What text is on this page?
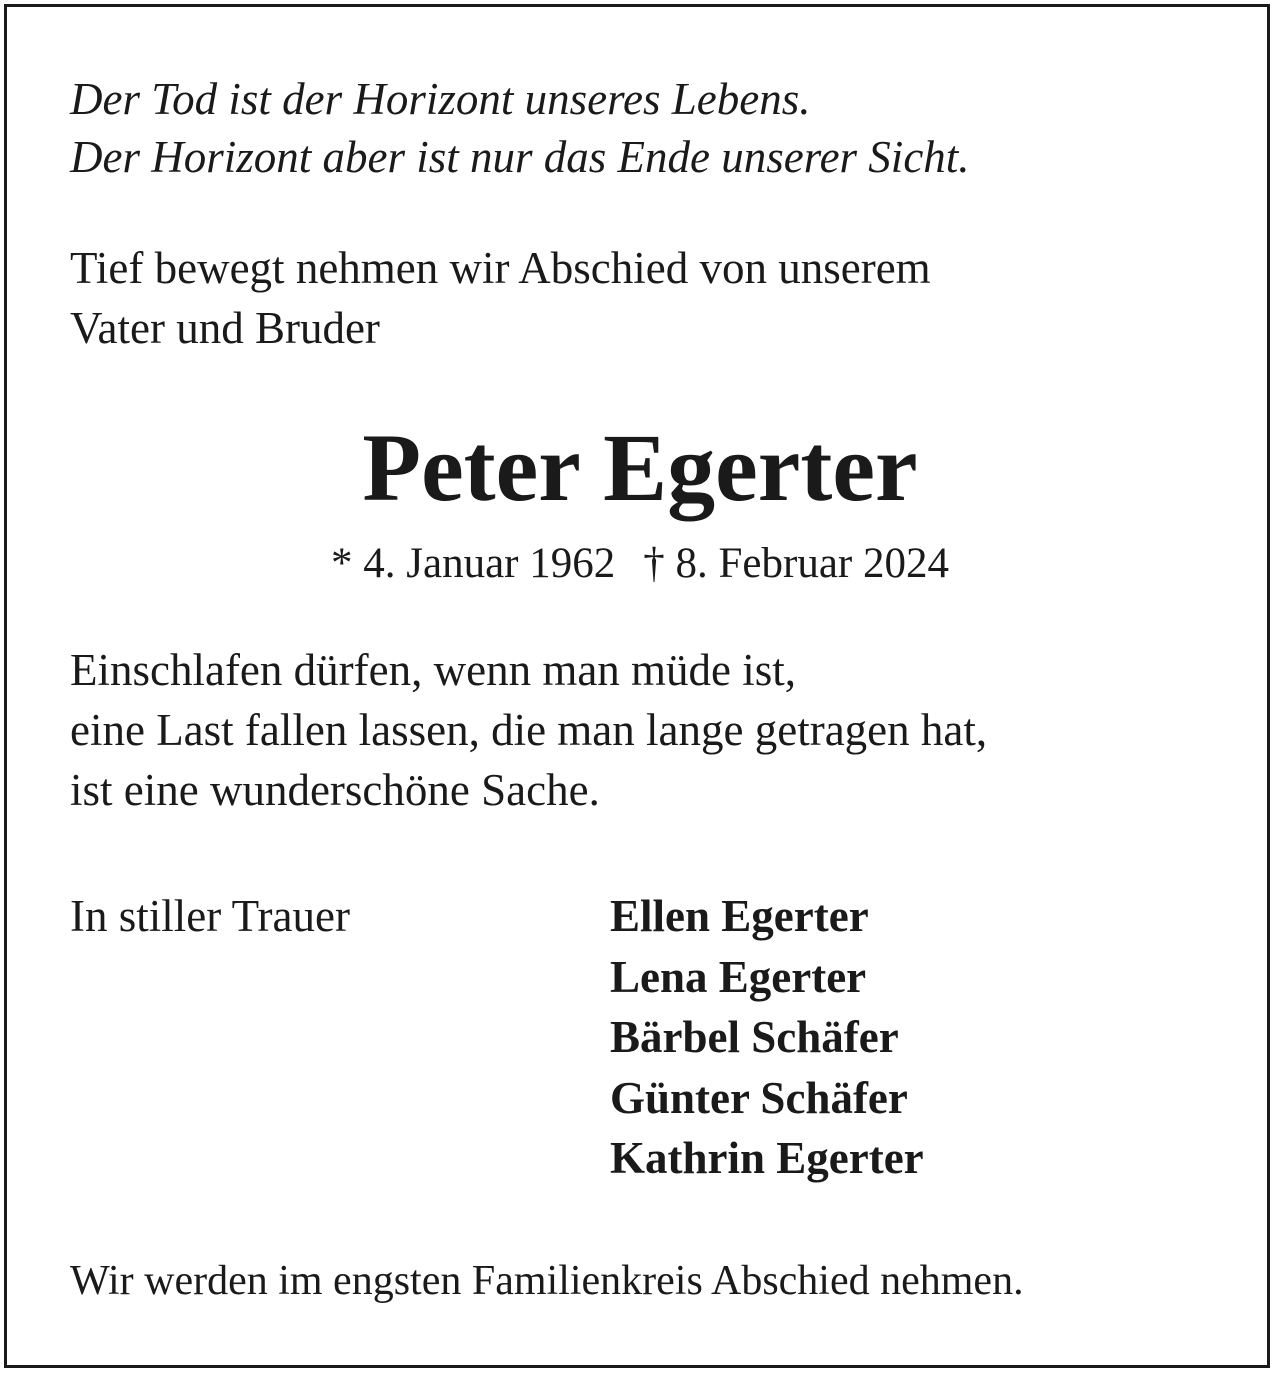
Der Tod ist der Horizont unseres Lebens.
Der Horizont aber ist nur das Ende unserer Sicht.
Tief bewegt nehmen wir Abschied von unserem
Vater und Bruder
Peter Egerter
* 4. Januar 1962 † 8. Februar 2024
Einschlafen dürfen, wenn man müde ist,
eine Last fallen lassen, die man lange getragen hat,
ist eine wunderschöne Sache.
In stiller Trauer	Ellen Egerter
Lena Egerter
Bärbel Schäfer
Günter Schäfer
Kathrin Egerter
Wir werden im engsten Familienkreis Abschied nehmen.
